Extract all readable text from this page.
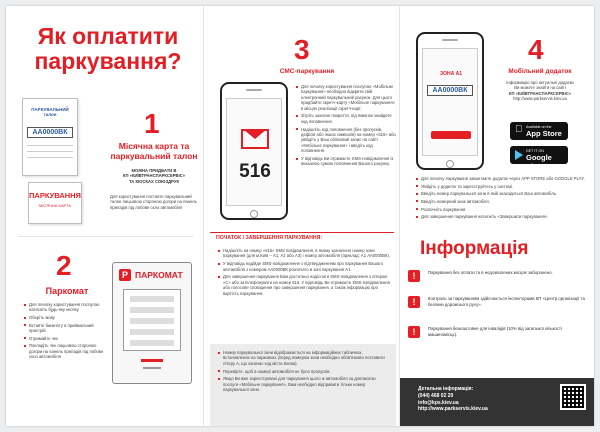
Як оплатити
паркування?
ПАРКУВАЛЬНИЙ
талон
АА0000ВК
ПАРКУВАННЯ
МІСЯЧНА КАРТА
1
Місячна карта та
паркувальний талон
МОЖНА ПРИДБАТИ В
КП «КИЇВТРАНСПАРКСЕРВІС»
ТА КІОСКАХ СОЮЗДРУК
Для користування поставте паркувальний талон лицьовою стороною догори на панель приладів під лобове скло автомобіля
2
Паркомат
Для початку користування послугою натисніть будь-яку кнопку
Оберіть мову
Вставте банкноту в приймальний пристрій
Отримайте чек
Покладіть чек лицьовою стороною догори на панель приладів під лобове скло автомобіля
P ПАРКОМАТ
3
СМС-паркування
516
Для початку користування послугою «Мобільне паркування» необхідно відкрити свій електронний паркувальний рахунок. Для цього придбайте скретч-карту «Мобільне паркування» в місцях реалізації скретч-карт.
Зітріть захисне покриття, під яким ви знайдете код поповнення.
Надішліть код поповнення (без пропусків, дефісів або інших символів) на номер «516» або увійдіть у Ваш обліковий запис на сайті «Мобільне паркування» і введіть код поповнення.
У відповідь Ви отримаєте SMS-повідомлення із вказаною сумою поповнення Вашого рахунку.
ПОЧАТОК / ЗАВЕРШЕННЯ ПАРКУВАННЯ:
Надішліть на номер «516» SMS повідомлення, в якому зазначено номер зони паркування (для м.Київ – А1, А2 або А3) і номер автомобіля (приклад: А1 АА0000ВК).
У відповідь надійде SMS-повідомлення з підтвердженням про паркування Вашого автомобіля з номером АА0000ВК розпочато в зоні паркування А1.
Для завершення паркування Вам достатньо надіслати SMS-повідомлення з літерою «С» або зателефонувати на номер 516. У відповідь Ви отримаєте SMS-повідомлення або голосове сповіщення про завершення паркування, а також інформацію про вартість паркування.
Номер паркувальної зони відображається на інформаційних табличках, встановлених на парковках (перед номером зони необхідно обов'язково поставити літеру А, що означає код міста Києва).
Перевірте, щоб в номері автомобіля не було пропусків.
Якщо Ви вже зареєстровані для паркування цього ж автомобіля за допомогою послуги «Мобільне паркування», Вам необхідно відправити тільки номер паркувальної зони.
ЗОНА А1
АА0000ВК
4
Мобільний додаток
Інформацію про актуальні додатки
Ви можете знайти на сайті
КП «КИЇВТРАНСПАРКСЕРВІС»
http://www.parkservis.kiev.ua
Available on the
App Store
GET IT ON
Google Play
Для початку паркування завантажте додаток через APP STORE або GOOGLE PLAY.
Увійдіть у додаток та зареєструйтесь у системі.
Введіть номер паркувальної зони в якій знаходиться Ваш автомобіль.
Введіть номерний знак автомобіля.
Розпочніть паркування.
Для завершення паркування натисніть «Завершити паркування».
Інформація
!	Паркування без оплати та в недозволених місцях заборонено.
!	Контроль за паркуванням здійснюється інспекторами КП «Центр організації та безпеки дорожнього руху».
!	Паркування безкоштовне для інвалідів (10% від загальної кількості машиномісць).
Детальна інформація:
(044) 468 02 20
info@kps.kiev.ua
http://www.parkservis.kiev.ua
